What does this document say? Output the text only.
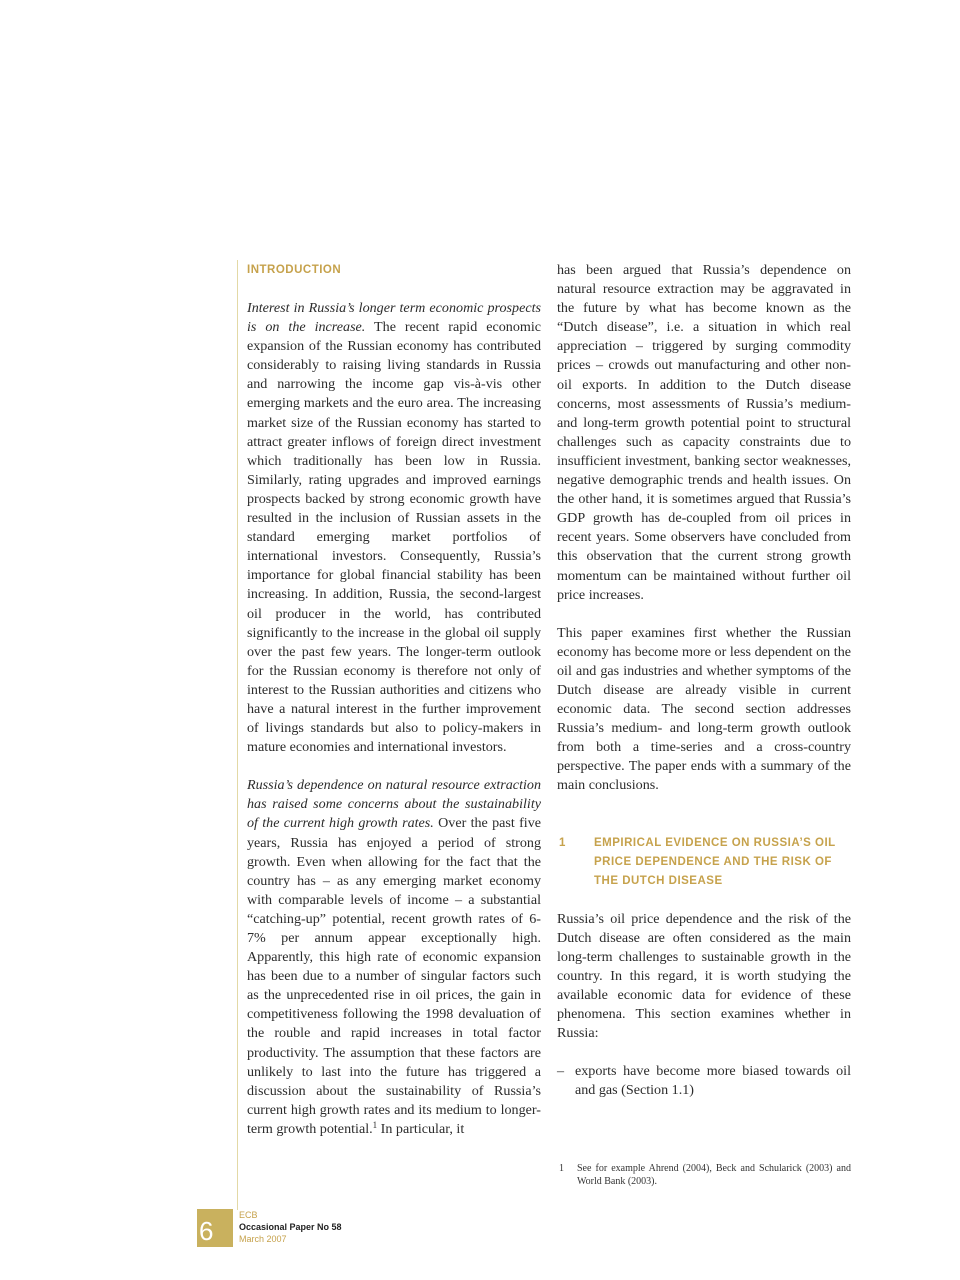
INTRODUCTION

Interest in Russia’s longer term economic prospects is on the increase. The recent rapid economic expansion of the Russian economy has contributed considerably to raising living standards in Russia and narrowing the income gap vis-à-vis other emerging markets and the euro area. The increasing market size of the Russian economy has started to attract greater inflows of foreign direct investment which traditionally has been low in Russia. Similarly, rating upgrades and improved earnings prospects backed by strong economic growth have resulted in the inclusion of Russian assets in the standard emerging market portfolios of international investors. Consequently, Russia’s importance for global financial stability has been increasing. In addition, Russia, the second-largest oil producer in the world, has contributed significantly to the increase in the global oil supply over the past few years. The longer-term outlook for the Russian economy is therefore not only of interest to the Russian authorities and citizens who have a natural interest in the further improvement of livings standards but also to policy-makers in mature economies and international investors.

Russia’s dependence on natural resource extraction has raised some concerns about the sustainability of the current high growth rates. Over the past five years, Russia has enjoyed a period of strong growth. Even when allowing for the fact that the country has – as any emerging market economy with comparable levels of income – a substantial “catching-up” potential, recent growth rates of 6-7% per annum appear exceptionally high. Apparently, this high rate of economic expansion has been due to a number of singular factors such as the unprecedented rise in oil prices, the gain in competitiveness following the 1998 devaluation of the rouble and rapid increases in total factor productivity. The assumption that these factors are unlikely to last into the future has triggered a discussion about the sustainability of Russia’s current high growth rates and its medium to longer-term growth potential.$^1$ In particular, it

has been argued that Russia’s dependence on natural resource extraction may be aggravated in the future by what has become known as the “Dutch disease”, i.e. a situation in which real appreciation – triggered by surging commodity prices – crowds out manufacturing and other non-oil exports. In addition to the Dutch disease concerns, most assessments of Russia’s medium- and long-term growth potential point to structural challenges such as capacity constraints due to insufficient investment, banking sector weaknesses, negative demographic trends and health issues. On the other hand, it is sometimes argued that Russia’s GDP growth has de-coupled from oil prices in recent years. Some observers have concluded from this observation that the current strong growth momentum can be maintained without further oil price increases.

This paper examines first whether the Russian economy has become more or less dependent on the oil and gas industries and whether symptoms of the Dutch disease are already visible in current economic data. The second section addresses Russia’s medium- and long-term growth outlook from both a time-series and a cross-country perspective. The paper ends with a summary of the main conclusions.

1	EMPIRICAL EVIDENCE ON RUSSIA’S OIL PRICE DEPENDENCE AND THE RISK OF THE DUTCH DISEASE

Russia’s oil price dependence and the risk of the Dutch disease are often considered as the main long-term challenges to sustainable growth in the country. In this regard, it is worth studying the available economic data for evidence of these phenomena. This section examines whether in Russia:

– exports have become more biased towards oil and gas (Section 1.1)
1	See for example Ahrend (2004), Beck and Schularick (2003) and World Bank (2003).
6
ECB
Occasional Paper No 58
March 2007
